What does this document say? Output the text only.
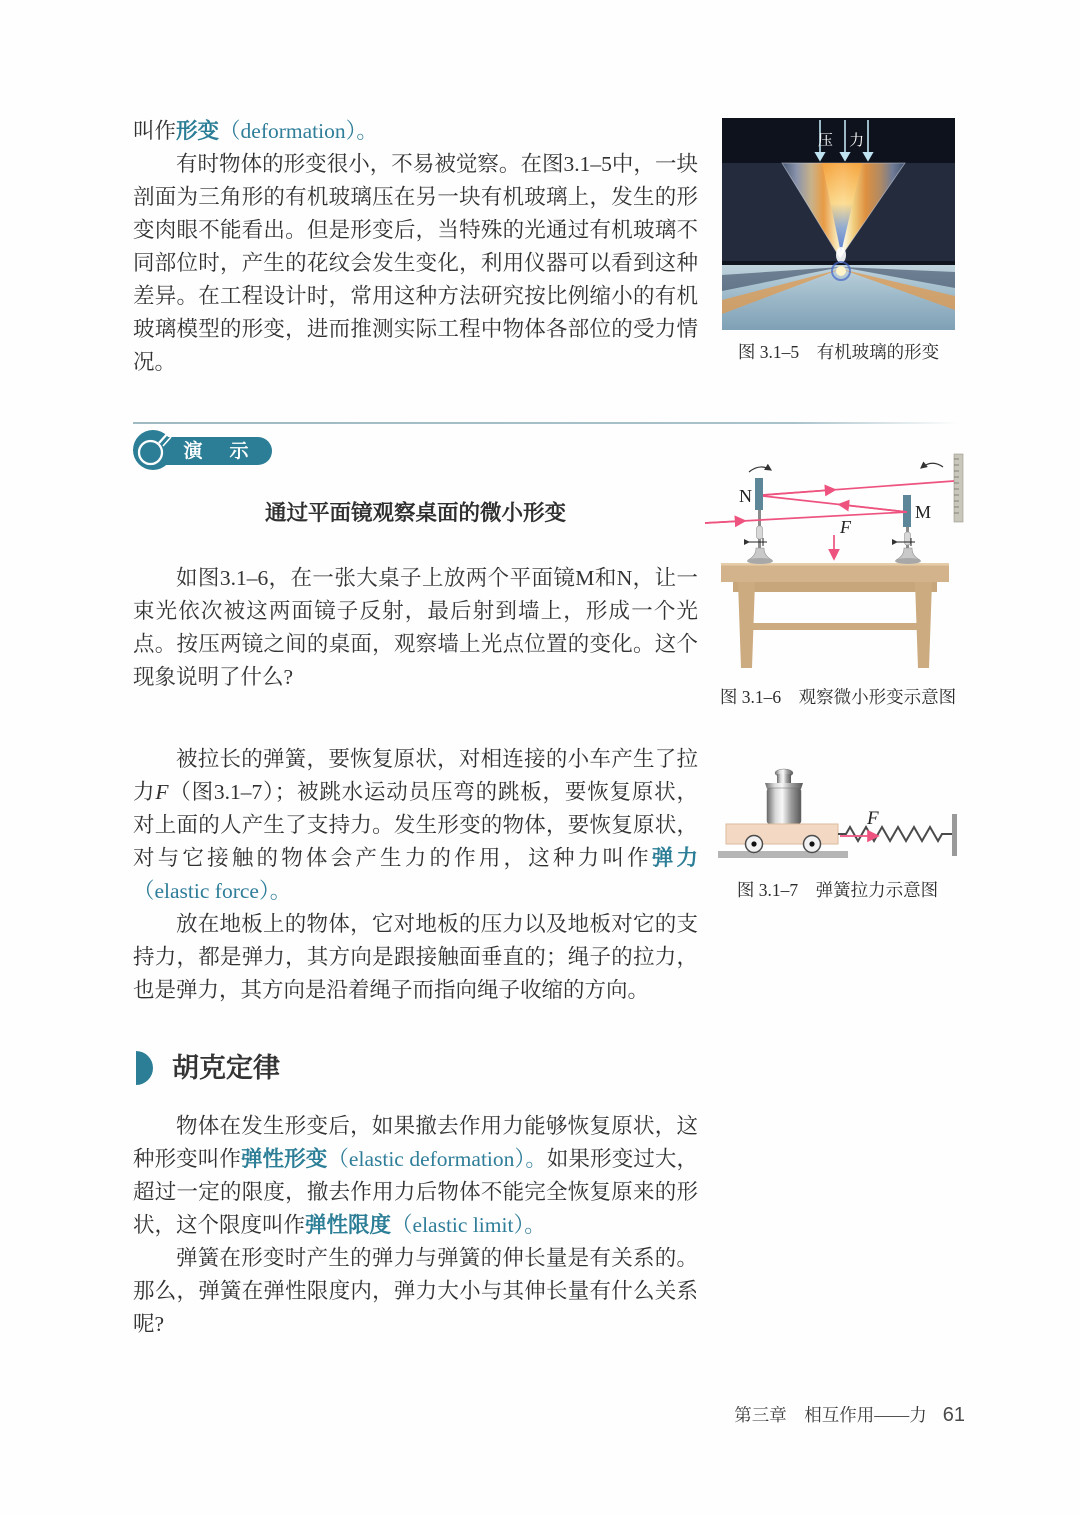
叫作形变（deformation）。

有时物体的形变很小，不易被觉察。在图3.1–5中，一块剖面为三角形的有机玻璃压在另一块有机玻璃上，发生的形变肉眼不能看出。但是形变后，当特殊的光通过有机玻璃不同部位时，产生的花纹会发生变化，利用仪器可以看到这种差异。在工程设计时，常用这种方法研究按比例缩小的有机玻璃模型的形变，进而推测实际工程中物体各部位的受力情况。

压 力
图 3.1–5　有机玻璃的形变
演　示

通过平面镜观察桌面的微小形变

如图3.1–6，在一张大桌子上放两个平面镜M和N，让一束光依次被这两面镜子反射，最后射到墙上，形成一个光点。按压两镜之间的桌面，观察墙上光点位置的变化。这个现象说明了什么?

F
N
M
图 3.1–6　观察微小形变示意图

被拉长的弹簧，要恢复原状，对相连接的小车产生了拉力F（图3.1–7）；被跳水运动员压弯的跳板，要恢复原状，对上面的人产生了支持力。发生形变的物体，要恢复原状，对与它接触的物体会产生力的作用，这种力叫作弹力（elastic force）。

放在地板上的物体，它对地板的压力以及地板对它的支持力，都是弹力，其方向是跟接触面垂直的；绳子的拉力，也是弹力，其方向是沿着绳子而指向绳子收缩的方向。

F
图 3.1–7　弹簧拉力示意图
胡克定律

物体在发生形变后，如果撤去作用力能够恢复原状，这种形变叫作弹性形变（elastic deformation）。如果形变过大，超过一定的限度，撤去作用力后物体不能完全恢复原来的形状，这个限度叫作弹性限度（elastic limit）。

弹簧在形变时产生的弹力与弹簧的伸长量是有关系的。那么，弹簧在弹性限度内，弹力大小与其伸长量有什么关系呢?

第三章　相互作用——力 61
